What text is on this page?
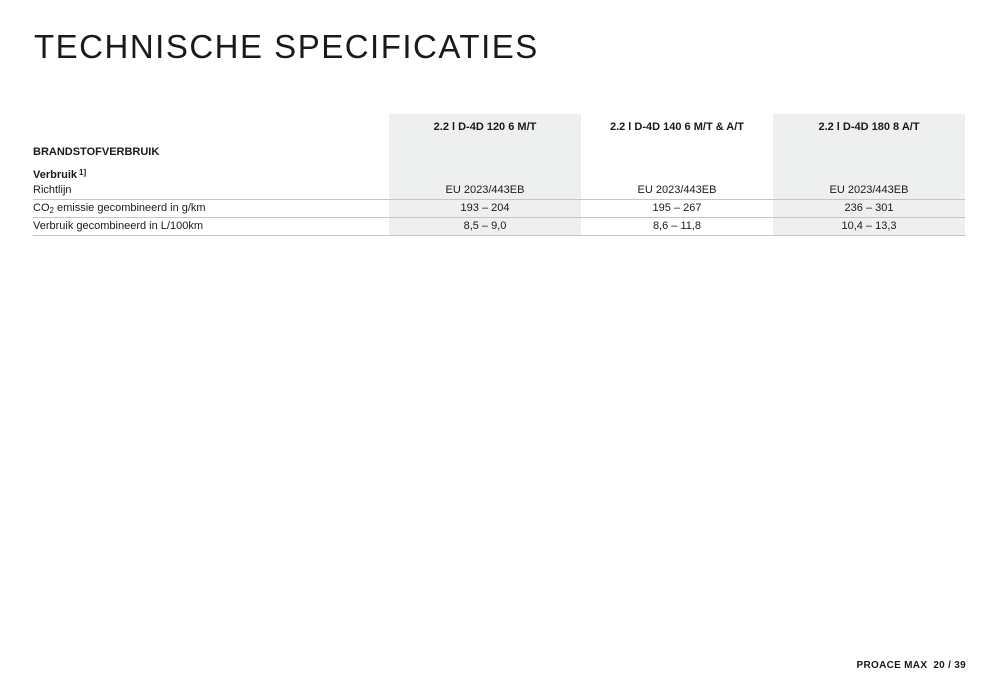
TECHNISCHE SPECIFICATIES
2.2 l D-4D 120 6 M/T	2.2 l D-4D 140 6 M/T & A/T	2.2 l D-4D 180 8 A/T
BRANDSTOFVERBRUIK
Verbruik $^{1]}$
Richtlijn	EU 2023/443EB	EU 2023/443EB	EU 2023/443EB
CO2 emissie gecombineerd in g/km	193 – 204	195 – 267	236 – 301
Verbruik gecombineerd in L/100km	8,5 – 9,0	8,6 – 11,8	10,4 – 13,3
PROACE MAX 20 / 39
